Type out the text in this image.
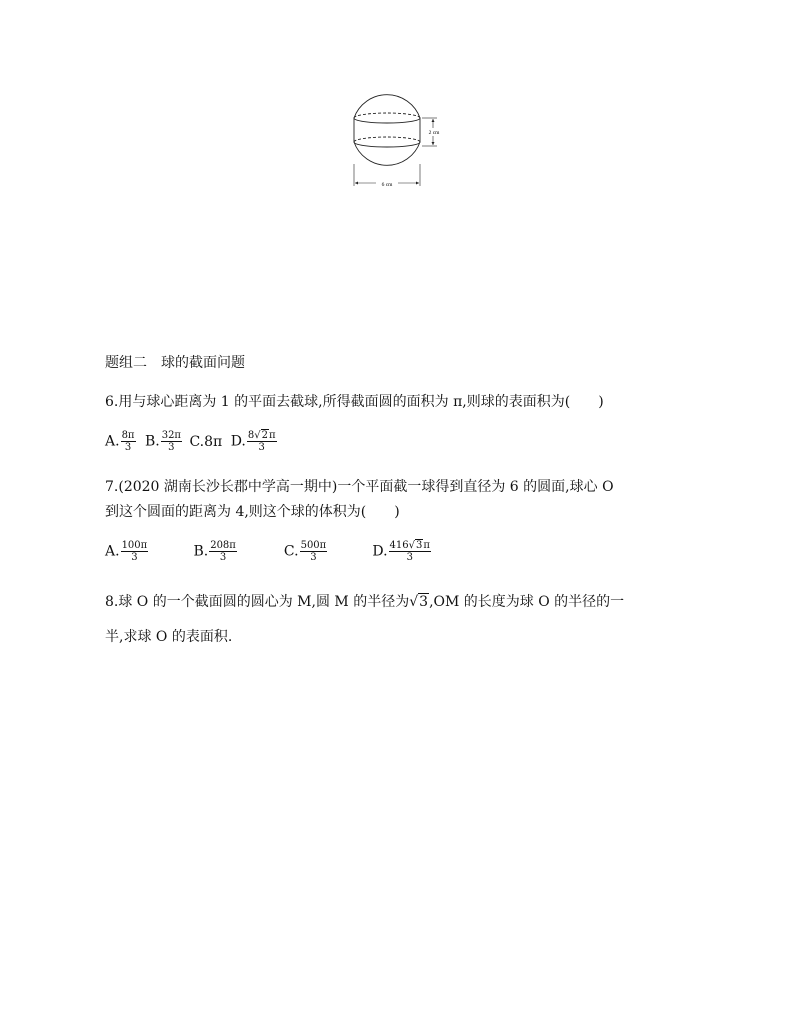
2 cm
6 cm
题组二　球的截面问题
6.用与球心距离为 1 的平面去截球,所得截面圆的面积为 π,则球的表面积为( )
A. $\frac{8\pi}{3} B$. $\frac{32\pi}{3} C.8\pi$ D. $\frac{8√2\pi}{3}$
7.(2020 湖南长沙长郡中学高一期中)一个平面截一球得到直径为 6 的圆面,球心 O
到这个圆面的距离为 4,则这个球的体积为( )
A. $\frac{100\pi}{3}$	B. $\frac{208\pi}{3}$	C. $\frac{500\pi}{3}$	D. $\frac{416√3\pi}{3}$
8.球 O 的一个截面圆的圆心为 M,圆 M 的半径为√3,OM 的长度为球 O 的半径的一
半,求球 O 的表面积.
